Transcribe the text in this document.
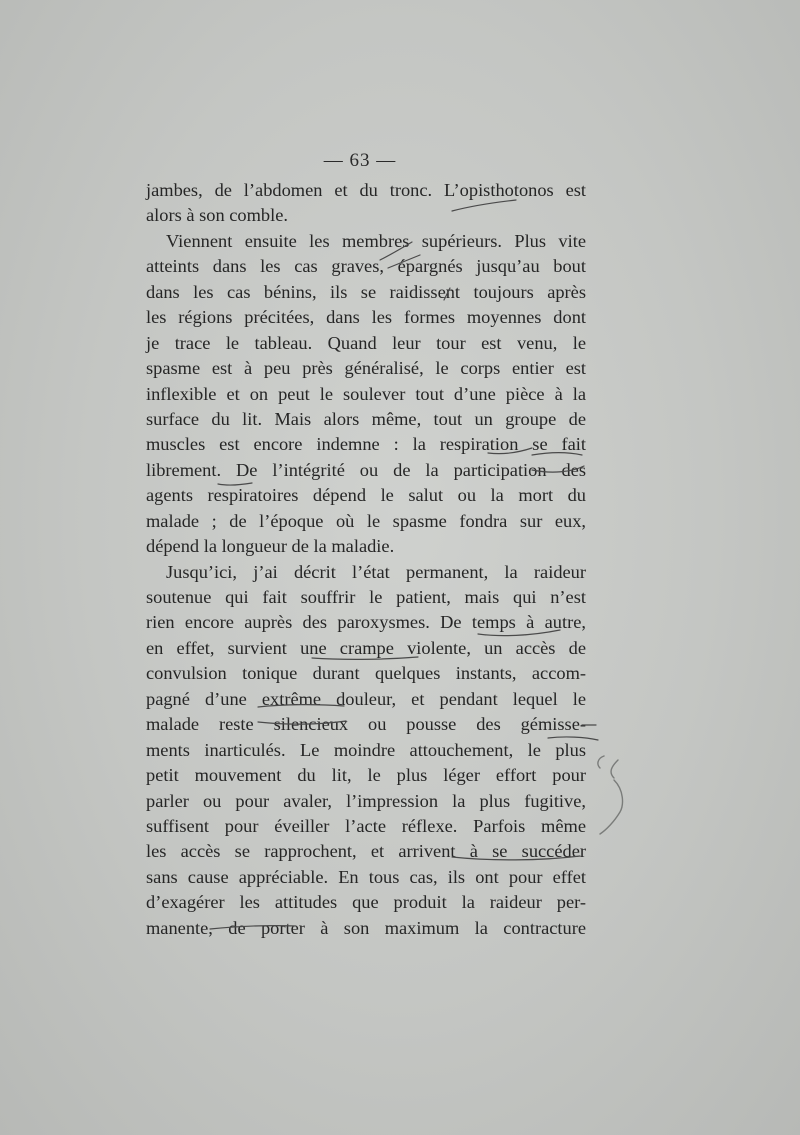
— 63 —
jambes, de l’abdomen et du tronc. L’opisthotonos est
alors à son comble.
Viennent ensuite les membres supérieurs. Plus vite
atteints dans les cas graves, épargnés jusqu’au bout
dans les cas bénins, ils se raidissent toujours après
les régions précitées, dans les formes moyennes dont
je trace le tableau. Quand leur tour est venu, le
spasme est à peu près généralisé, le corps entier est
inflexible et on peut le soulever tout d’une pièce à la
surface du lit. Mais alors même, tout un groupe de
muscles est encore indemne : la respiration se fait
librement. De l’intégrité ou de la participation des
agents respiratoires dépend le salut ou la mort du
malade ; de l’époque où le spasme fondra sur eux,
dépend la longueur de la maladie.
Jusqu’ici, j’ai décrit l’état permanent, la raideur
soutenue qui fait souffrir le patient, mais qui n’est
rien encore auprès des paroxysmes. De temps à autre,
en effet, survient une crampe violente, un accès de
convulsion tonique durant quelques instants, accom-
pagné d’une extrême douleur, et pendant lequel le
malade reste silencieux ou pousse des gémisse-
ments inarticulés. Le moindre attouchement, le plus
petit mouvement du lit, le plus léger effort pour
parler ou pour avaler, l’impression la plus fugitive,
suffisent pour éveiller l’acte réflexe. Parfois même
les accès se rapprochent, et arrivent à se succéder
sans cause appréciable. En tous cas, ils ont pour effet
d’exagérer les attitudes que produit la raideur per-
manente, de porter à son maximum la contracture
